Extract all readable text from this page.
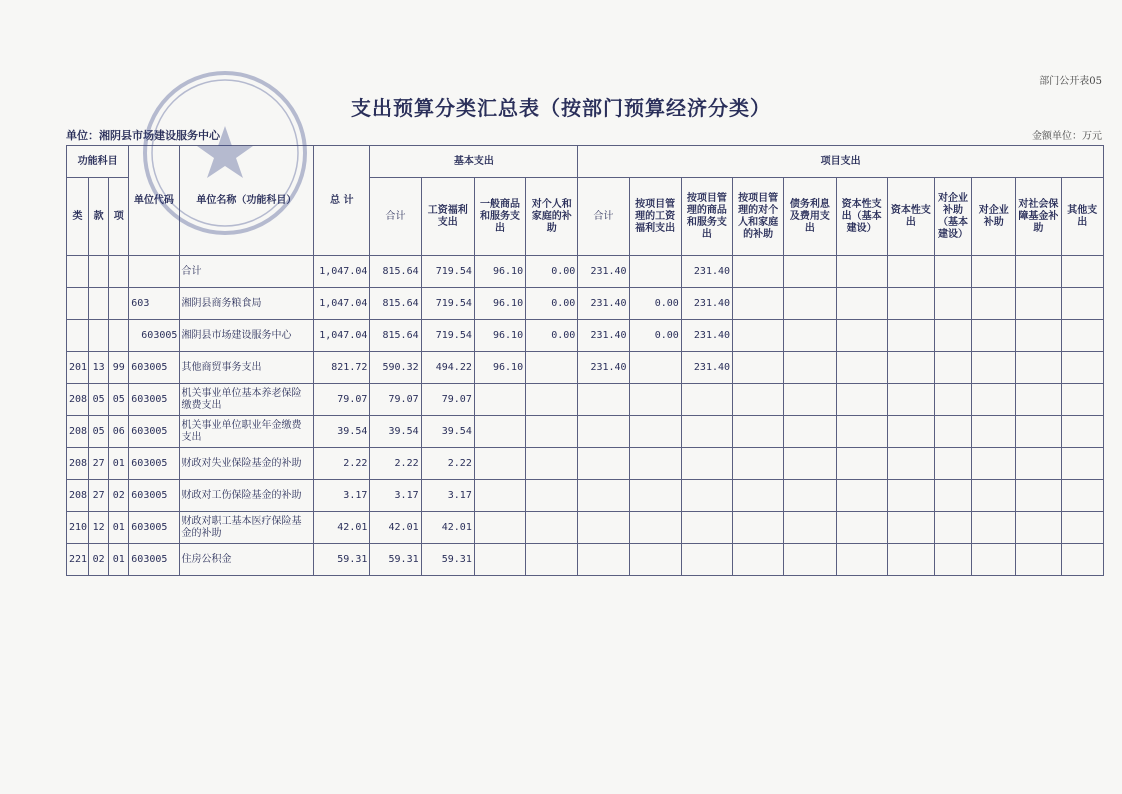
部门公开表05
支出预算分类汇总表（按部门预算经济分类）
单位：湘阴县市场建设服务中心	金额单位：万元
功能科目			单位代码	单位名称（功能科目）	总 计	基本支出				项目支出										
类	款	项				合计	工资福利支出	一般商品和服务支出	对个人和家庭的补助	合计	按项目管理的工资福利支出	按项目管理的商品和服务支出	按项目管理的对个人和家庭的补助	债务利息及费用支出	资本性支出（基本建设）	资本性支出	对企业补助（基本建设）	对企业补助	对社会保障基金补助	其他支出
				合计	1,047.04	815.64	719.54	96.10	0.00	231.40		231.40								
			603	湘阴县商务粮食局	1,047.04	815.64	719.54	96.10	0.00	231.40	0.00	231.40								
			603005	湘阴县市场建设服务中心	1,047.04	815.64	719.54	96.10	0.00	231.40	0.00	231.40								
201	13	99	603005	其他商贸事务支出	821.72	590.32	494.22	96.10		231.40		231.40								
208	05	05	603005	机关事业单位基本养老保险缴费支出	79.07	79.07	79.07													
208	05	06	603005	机关事业单位职业年金缴费支出	39.54	39.54	39.54													
208	27	01	603005	财政对失业保险基金的补助	2.22	2.22	2.22													
208	27	02	603005	财政对工伤保险基金的补助	3.17	3.17	3.17													
210	12	01	603005	财政对职工基本医疗保险基金的补助	42.01	42.01	42.01													
221	02	01	603005	住房公积金	59.31	59.31	59.31													
